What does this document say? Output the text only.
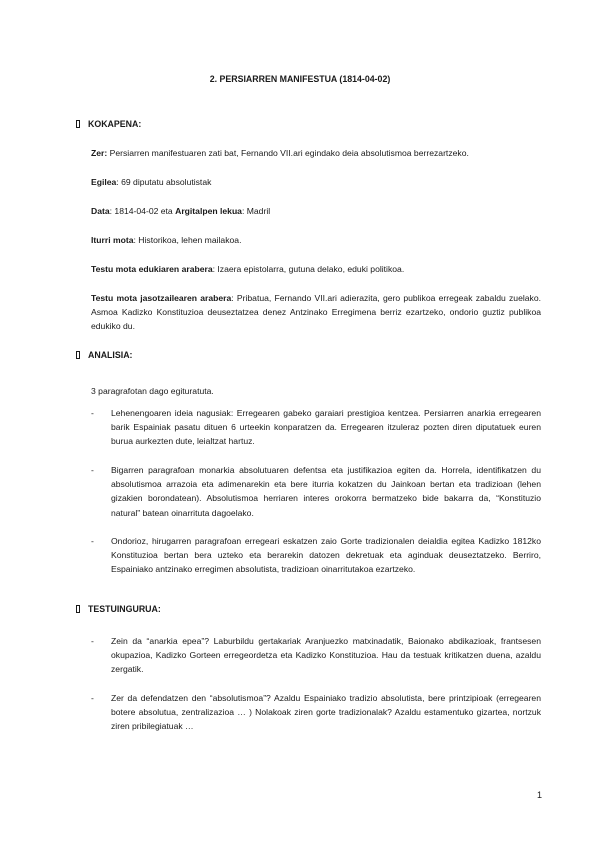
2. PERSIARREN MANIFESTUA (1814-04-02)
KOKAPENA:
Zer: Persiarren manifestuaren zati bat, Fernando VII.ari egindako deia absolutismoa berrezartzeko.
Egilea: 69 diputatu absolutistak
Data: 1814-04-02 eta Argitalpen lekua: Madril
Iturri mota: Historikoa, lehen mailakoa.
Testu mota edukiaren arabera: Izaera epistolarra, gutuna delako, eduki politikoa.
Testu mota jasotzailearen arabera: Pribatua, Fernando VII.ari adierazita, gero publikoa erregeak zabaldu zuelako. Asmoa Kadizko Konstituzioa deuseztatzea denez Antzinako Erregimena berriz ezartzeko, ondorio guztiz publikoa edukiko du.
ANALISIA:
3 paragrafotan dago egituratuta.
- Lehenengoaren ideia nagusiak: Erregearen gabeko garaiari prestigioa kentzea. Persiarren anarkia erregearen barik Espainiak pasatu dituen 6 urteekin konparatzen da. Erregearen itzuleraz pozten diren diputatuek euren burua aurkezten dute, leialtzat hartuz.
- Bigarren paragrafoan monarkia absolutuaren defentsa eta justifikazioa egiten da. Horrela, identifikatzen du absolutismoa arrazoia eta adimenarekin eta bere iturria kokatzen du Jainkoan bertan eta tradizioan (lehen gizakien borondatean). Absolutismoa herriaren interes orokorra bermatzeko bide bakarra da, “Konstituzio natural” batean oinarrituta dagoelako.
- Ondorioz, hirugarren paragrafoan erregeari eskatzen zaio Gorte tradizionalen deialdia egitea Kadizko 1812ko Konstituzioa bertan bera uzteko eta berarekin datozen dekretuak eta aginduak deuseztatzeko. Berriro, Espainiako antzinako erregimen absolutista, tradizioan oinarritutakoa ezartzeko.
TESTUINGURUA:
- Zein da “anarkia epea”? Laburbildu gertakariak Aranjuezko matxinadatik, Baionako abdikazioak, frantsesen okupazioa, Kadizko Gorteen erregeordetza eta Kadizko Konstituzioa. Hau da testuak kritikatzen duena, azaldu zergatik.
- Zer da defendatzen den “absolutismoa”? Azaldu Espainiako tradizio absolutista, bere printzipioak (erregearen botere absolutua, zentralizazioa … ) Nolakoak ziren gorte tradizionalak? Azaldu estamentuko gizartea, nortzuk ziren pribilegiatuak …
1
